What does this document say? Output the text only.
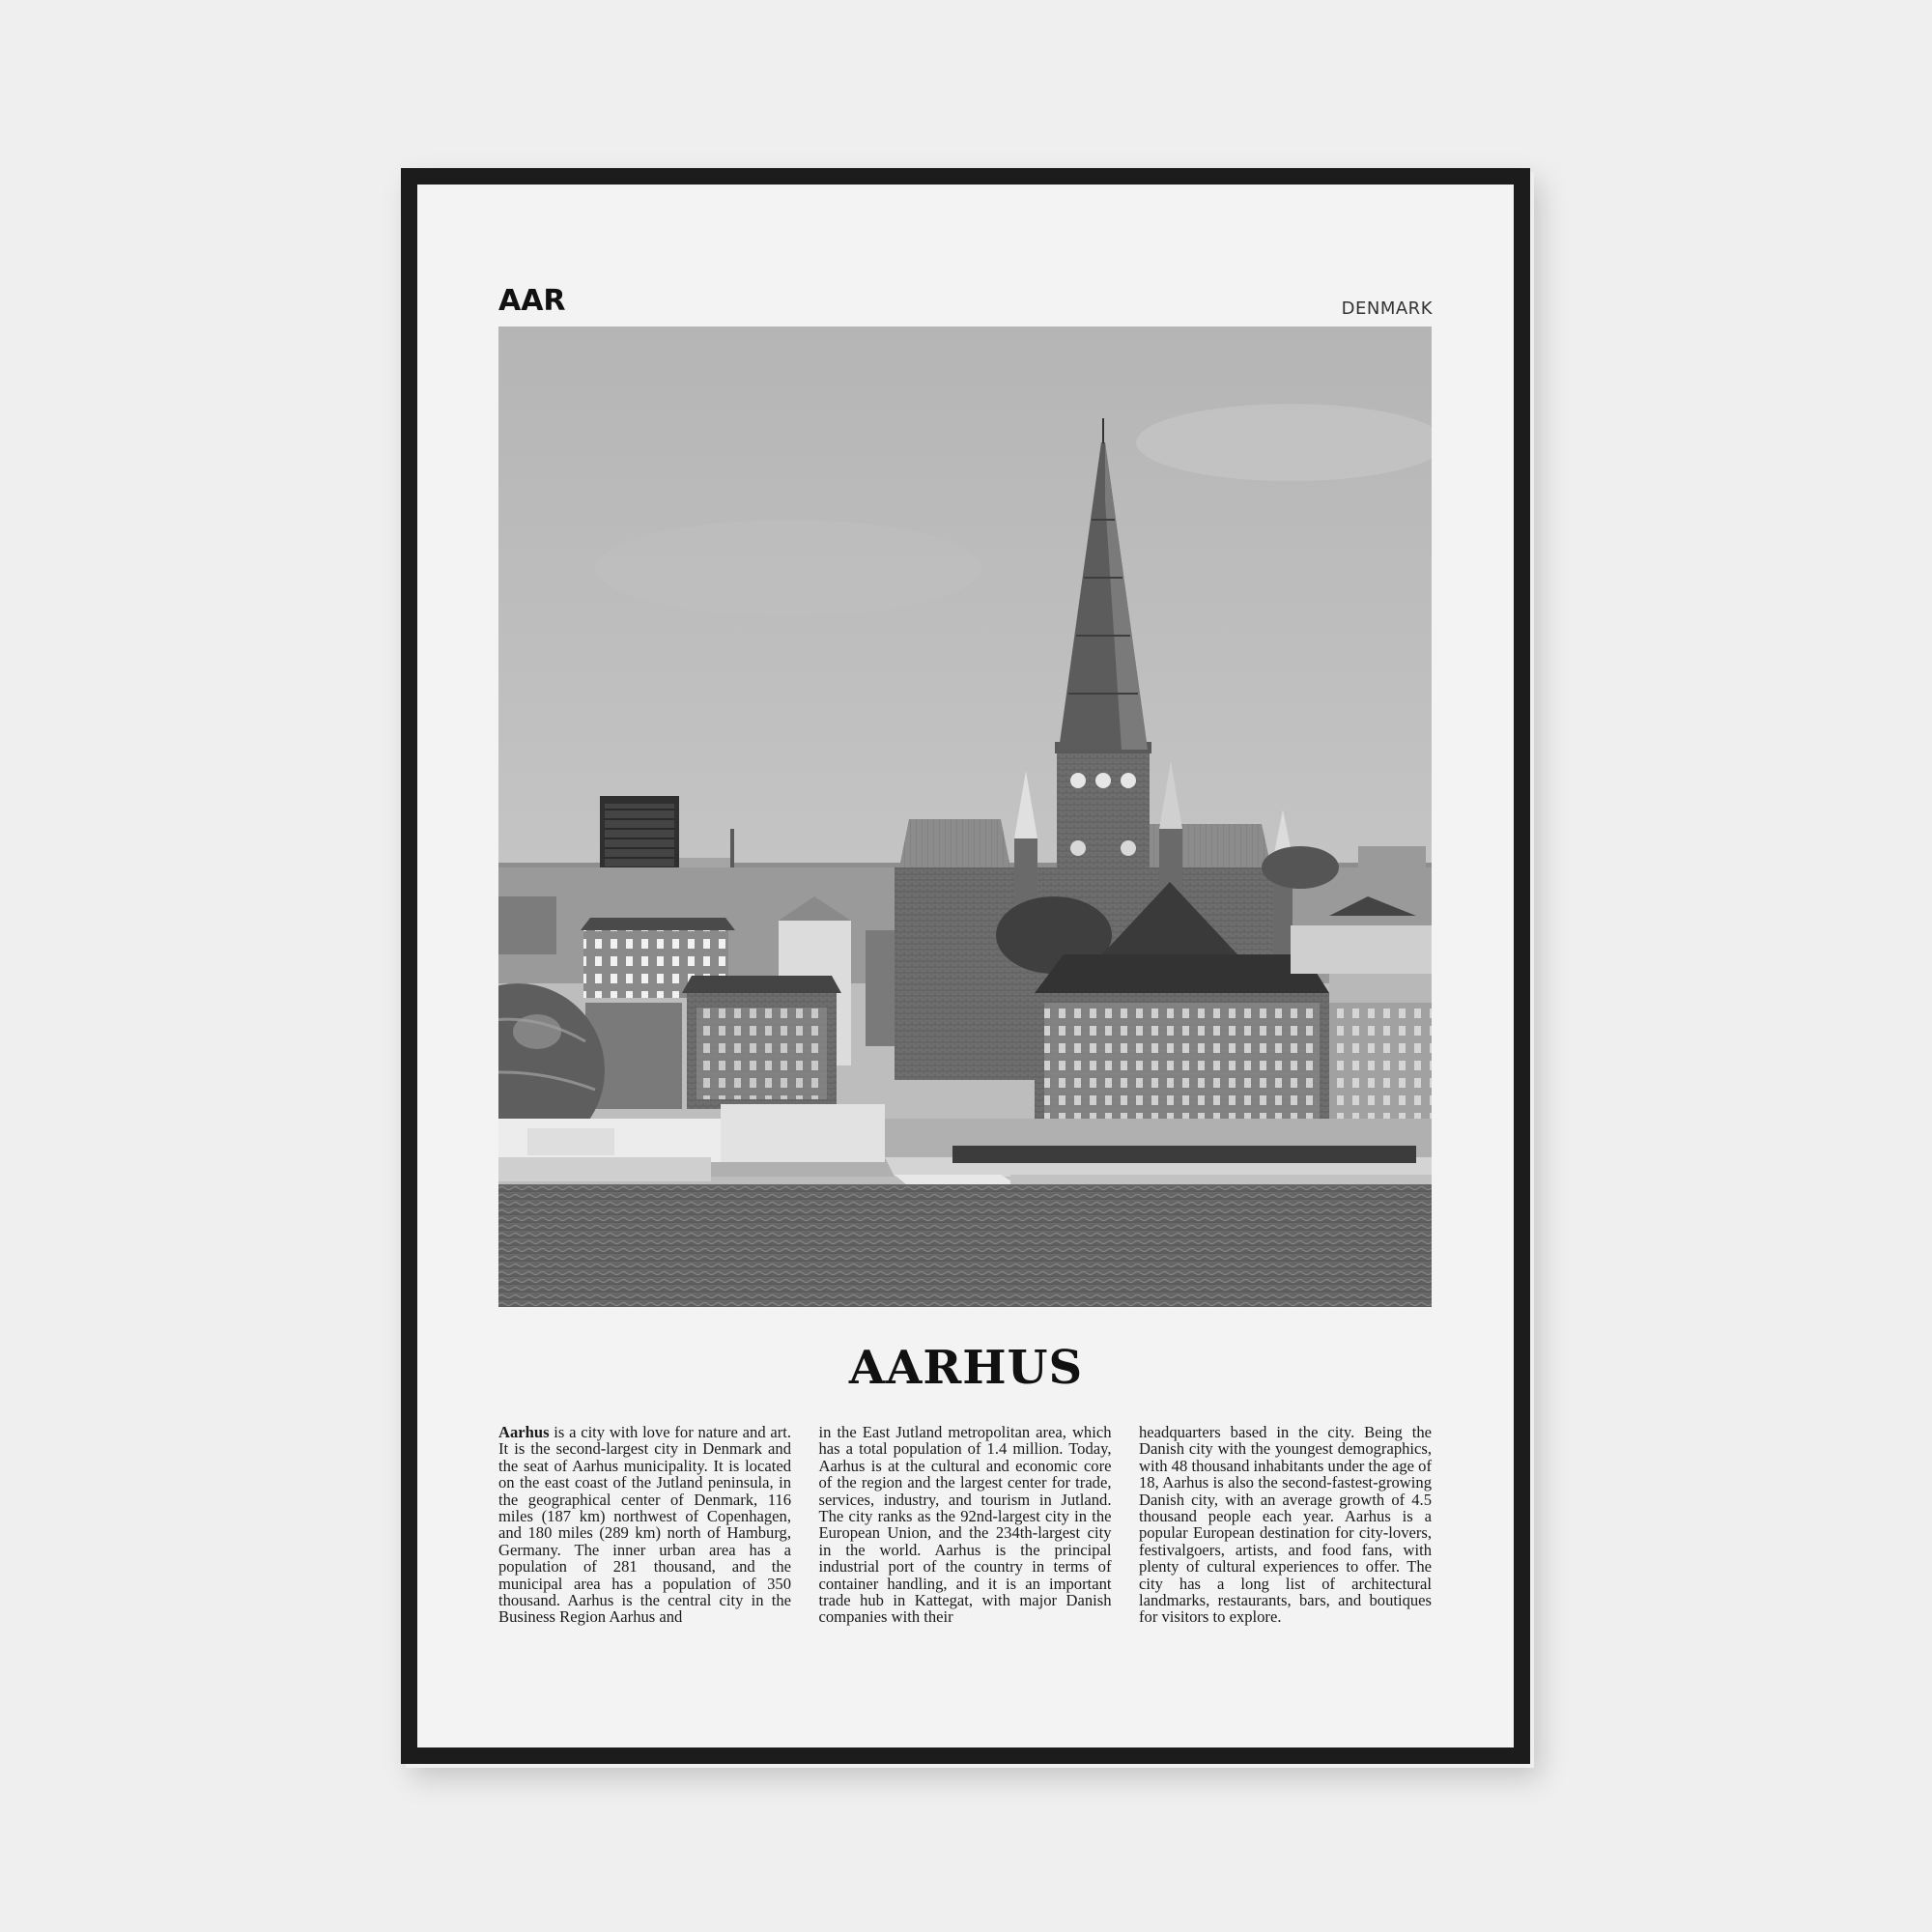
AAR	DENMARK
AARHUS
Aarhus is a city with love for nature and art. It is the second-largest city in Denmark and the seat of Aarhus municipality. It is located on the east coast of the Jutland peninsula, in the geographical center of Denmark, 116 miles (187 km) northwest of Copenhagen, and 180 miles (289 km) north of Hamburg, Germany. The inner urban area has a population of 281 thousand, and the municipal area has a population of 350 thousand. Aarhus is the central city in the Business Region Aarhus and
in the East Jutland metropolitan area, which has a total population of 1.4 million. Today, Aarhus is at the cultural and economic core of the region and the largest center for trade, services, industry, and tourism in Jutland. The city ranks as the 92nd-largest city in the European Union, and the 234th-largest city in the world. Aarhus is the principal industrial port of the country in terms of container handling, and it is an important trade hub in Kattegat, with major Danish companies with their
headquarters based in the city. Being the Danish city with the youngest demographics, with 48 thousand inhabitants under the age of 18, Aarhus is also the second-fastest-growing Danish city, with an average growth of 4.5 thousand people each year. Aarhus is a popular European destination for city-lovers, festivalgoers, artists, and food fans, with plenty of cultural experiences to offer. The city has a long list of architectural landmarks, restaurants, bars, and boutiques for visitors to explore.
